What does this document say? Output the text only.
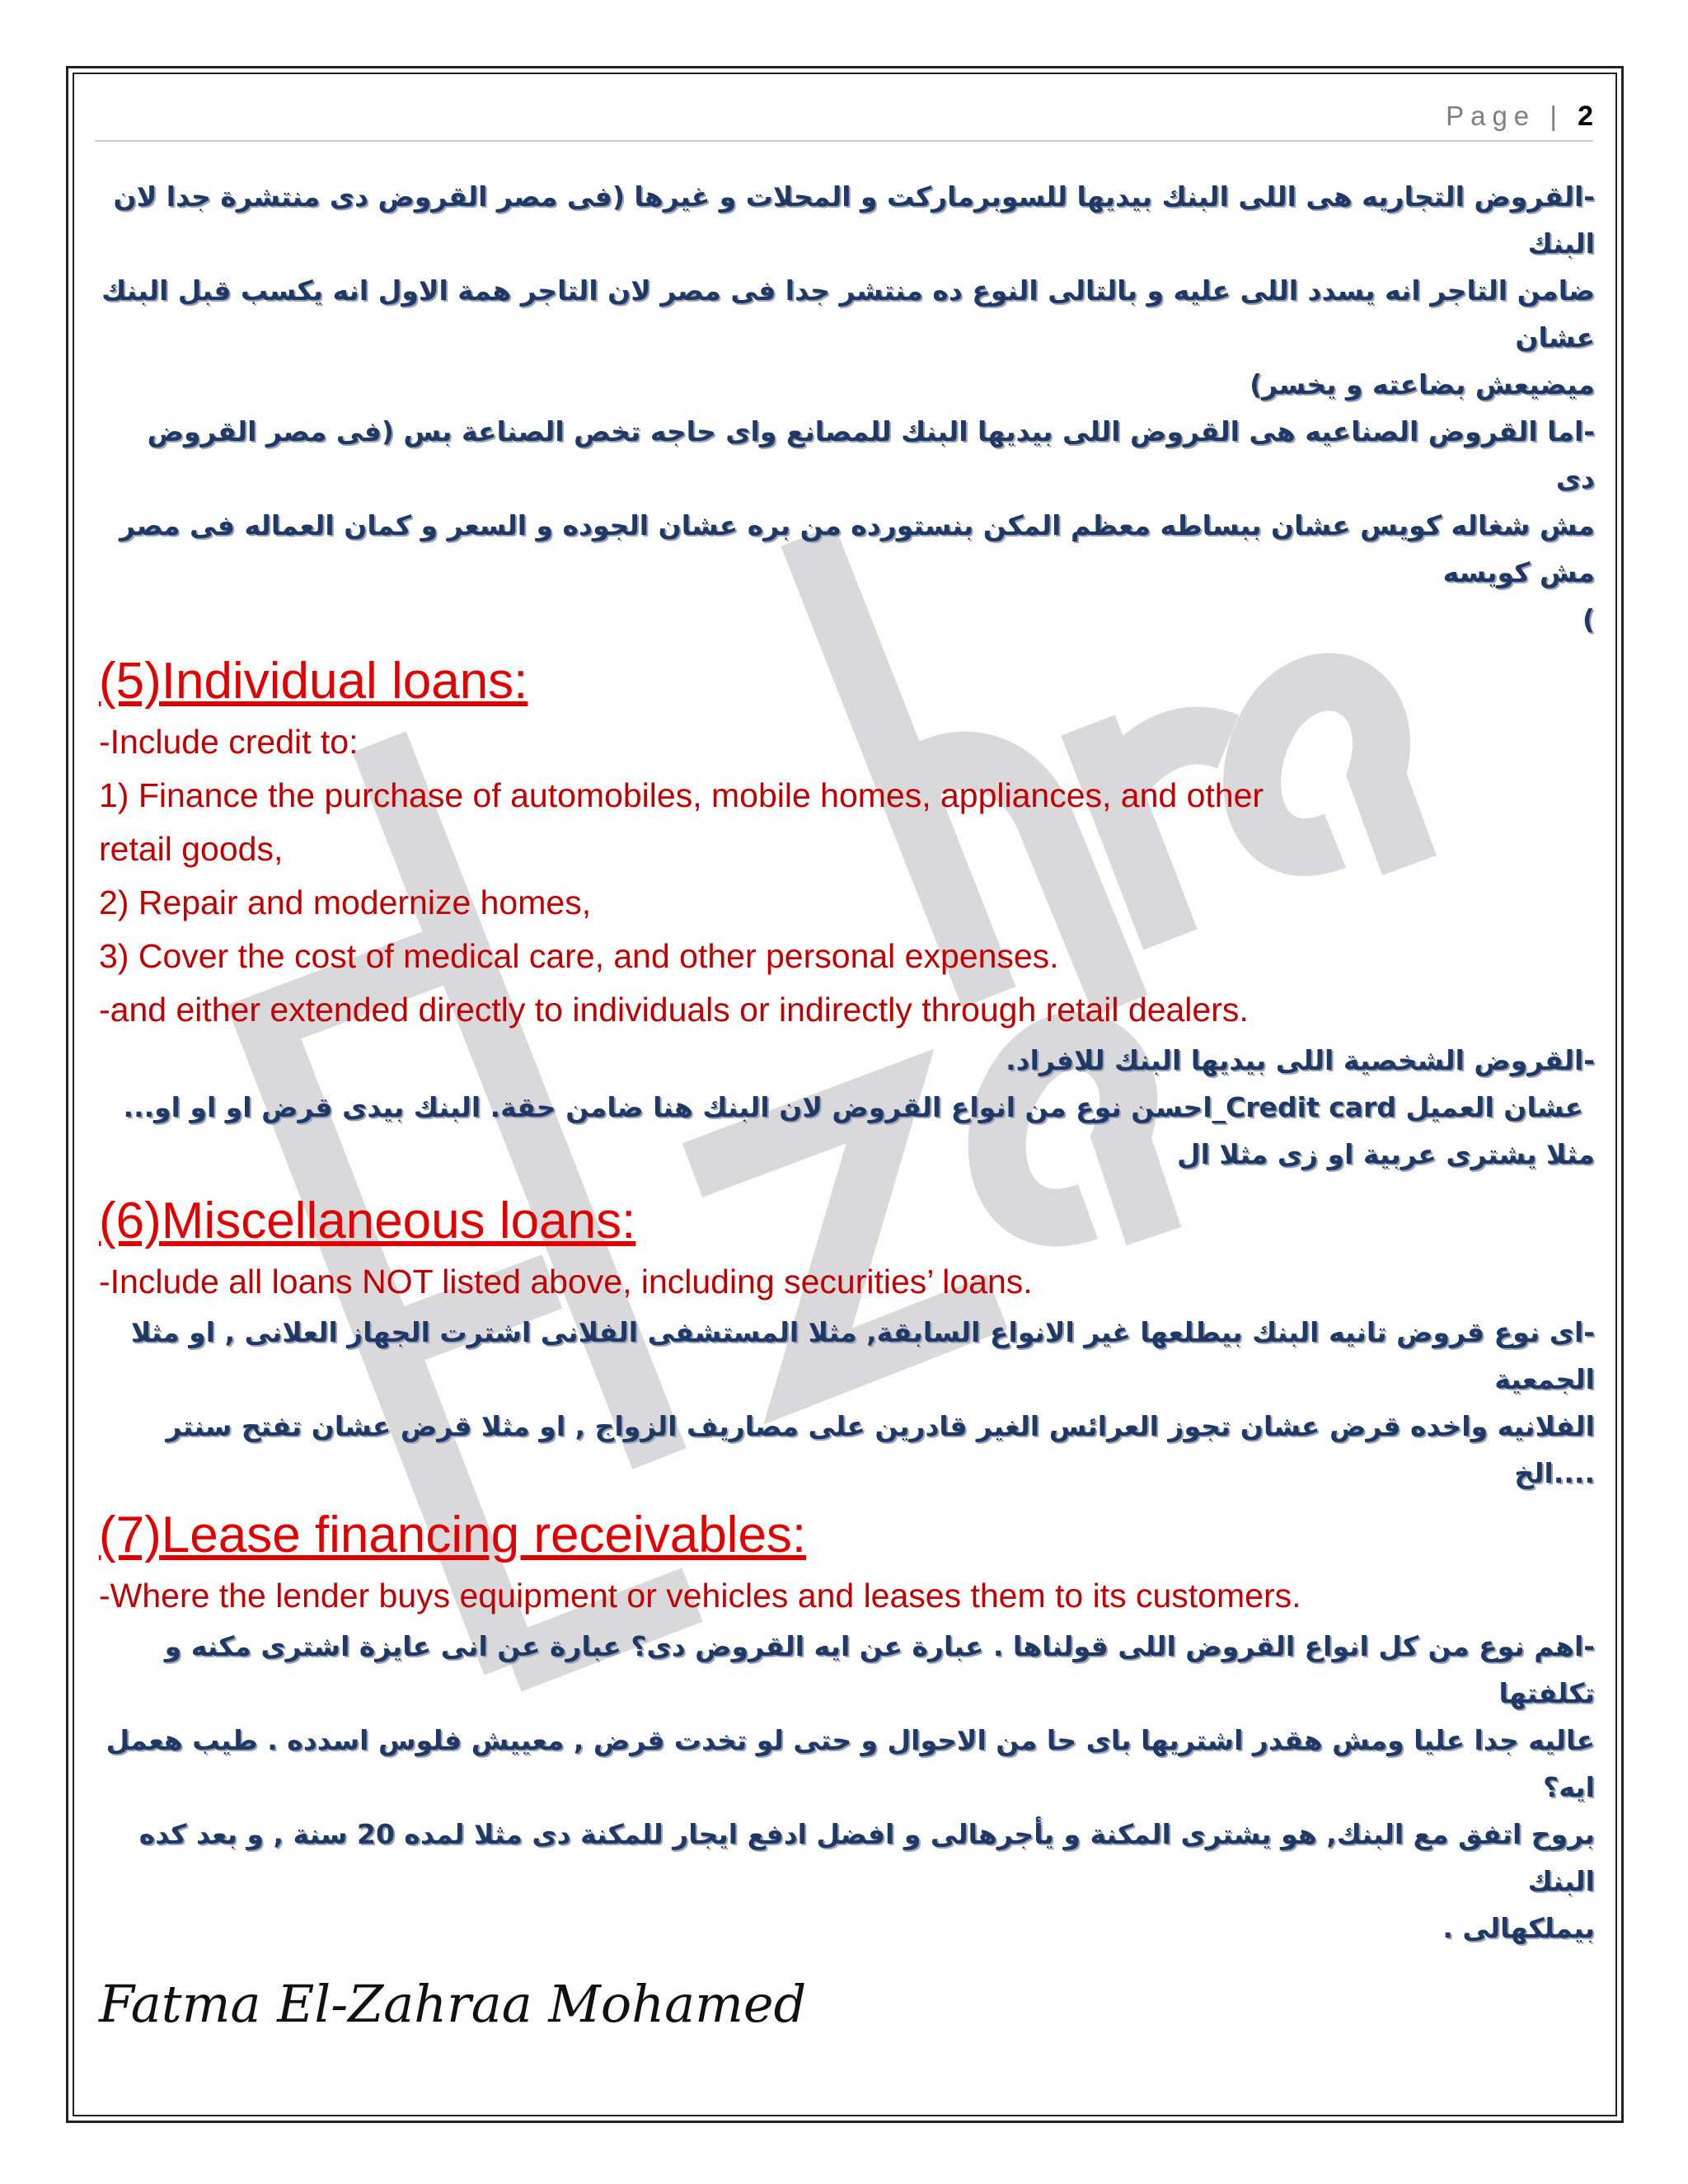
Page | 2
-القروض التجاريه هى اللى البنك بيديها للسوبرماركت و المحلات و غيرها (فى مصر القروض دى منتشرة جدا لان البنك
ضامن التاجر انه يسدد اللى عليه و بالتالى النوع ده منتشر جدا فى مصر لان التاجر همة الاول انه يكسب قبل البنك عشان
ميضيعش بضاعته و يخسر)
-اما القروض الصناعيه هى القروض اللى بيديها البنك للمصانع واى حاجه تخص الصناعة بس (فى مصر القروض دى
مش شغاله كويس عشان ببساطه معظم المكن بنستورده من بره عشان الجوده و السعر و كمان العماله فى مصر مش كويسه
)
(5)Individual loans:
-Include credit to:
1) Finance the purchase of automobiles, mobile homes, appliances, and other
retail goods,
2) Repair and modernize homes,
3) Cover the cost of medical care, and other personal expenses.
-and either extended directly to individuals or indirectly through retail dealers.
-القروض الشخصية اللى بيديها البنك للافراد.
عشان العميل Credit card_احسن نوع من انواع القروض لان البنك هنا ضامن حقة. البنك بيدى قرض او او او...
مثلا يشترى عربية او زى مثلا ال
(6)Miscellaneous loans:
-Include all loans NOT listed above, including securities’ loans.
-اى نوع قروض تانيه البنك بيطلعها غير الانواع السابقة, مثلا المستشفى الفلانى اشترت الجهاز العلانى , او مثلا الجمعية
الفلانيه واخده قرض عشان تجوز العرائس الغير قادرين على مصاريف الزواج , او مثلا قرض عشان تفتح سنتر ....الخ
(7)Lease financing receivables:
-Where the lender buys equipment or vehicles and leases them to its customers.
-اهم نوع من كل انواع القروض اللى قولناها . عبارة عن ايه القروض دى؟ عبارة عن انى عايزة اشترى مكنه و تكلفتها
عاليه جدا عليا ومش هقدر اشتريها باى حا من الاحوال و حتى لو تخدت قرض , معييش فلوس اسدده . طيب هعمل ايه؟
بروح اتفق مع البنك, هو يشترى المكنة و يأجرهالى و افضل ادفع ايجار للمكنة دى مثلا لمده 20 سنة , و بعد كده البنك
بيملكهالى .
Fatma El-Zahraa Mohamed
